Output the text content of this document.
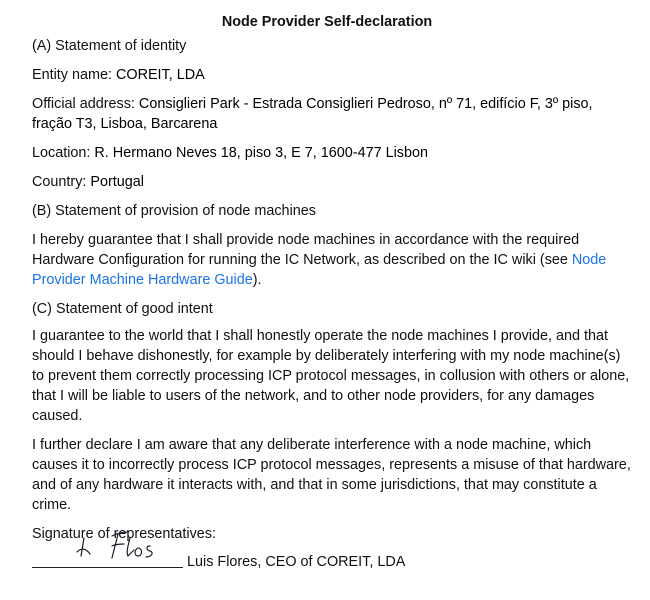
Node Provider Self-declaration

(A) Statement of identity

Entity name: COREIT, LDA

Official address: Consiglieri Park - Estrada Consiglieri Pedroso, nº 71, edifício F, 3º piso, fração T3, Lisboa, Barcarena

Location: R. Hermano Neves 18, piso 3, E 7, 1600-477 Lisbon

Country: Portugal

(B) Statement of provision of node machines

I hereby guarantee that I shall provide node machines in accordance with the required Hardware Configuration for running the IC Network, as described on the IC wiki (see Node Provider Machine Hardware Guide).

(C) Statement of good intent

I guarantee to the world that I shall honestly operate the node machines I provide, and that should I behave dishonestly, for example by deliberately interfering with my node machine(s) to prevent them correctly processing ICP protocol messages, in collusion with others or alone, that I will be liable to users of the network, and to other node providers, for any damages caused.

I further declare I am aware that any deliberate interference with a node machine, which causes it to incorrectly process ICP protocol messages, represents a misuse of that hardware, and of any hardware it interacts with, and that in some jurisdictions, that may constitute a crime.

Signature of representatives:

Luis Flores, CEO of COREIT, LDA
